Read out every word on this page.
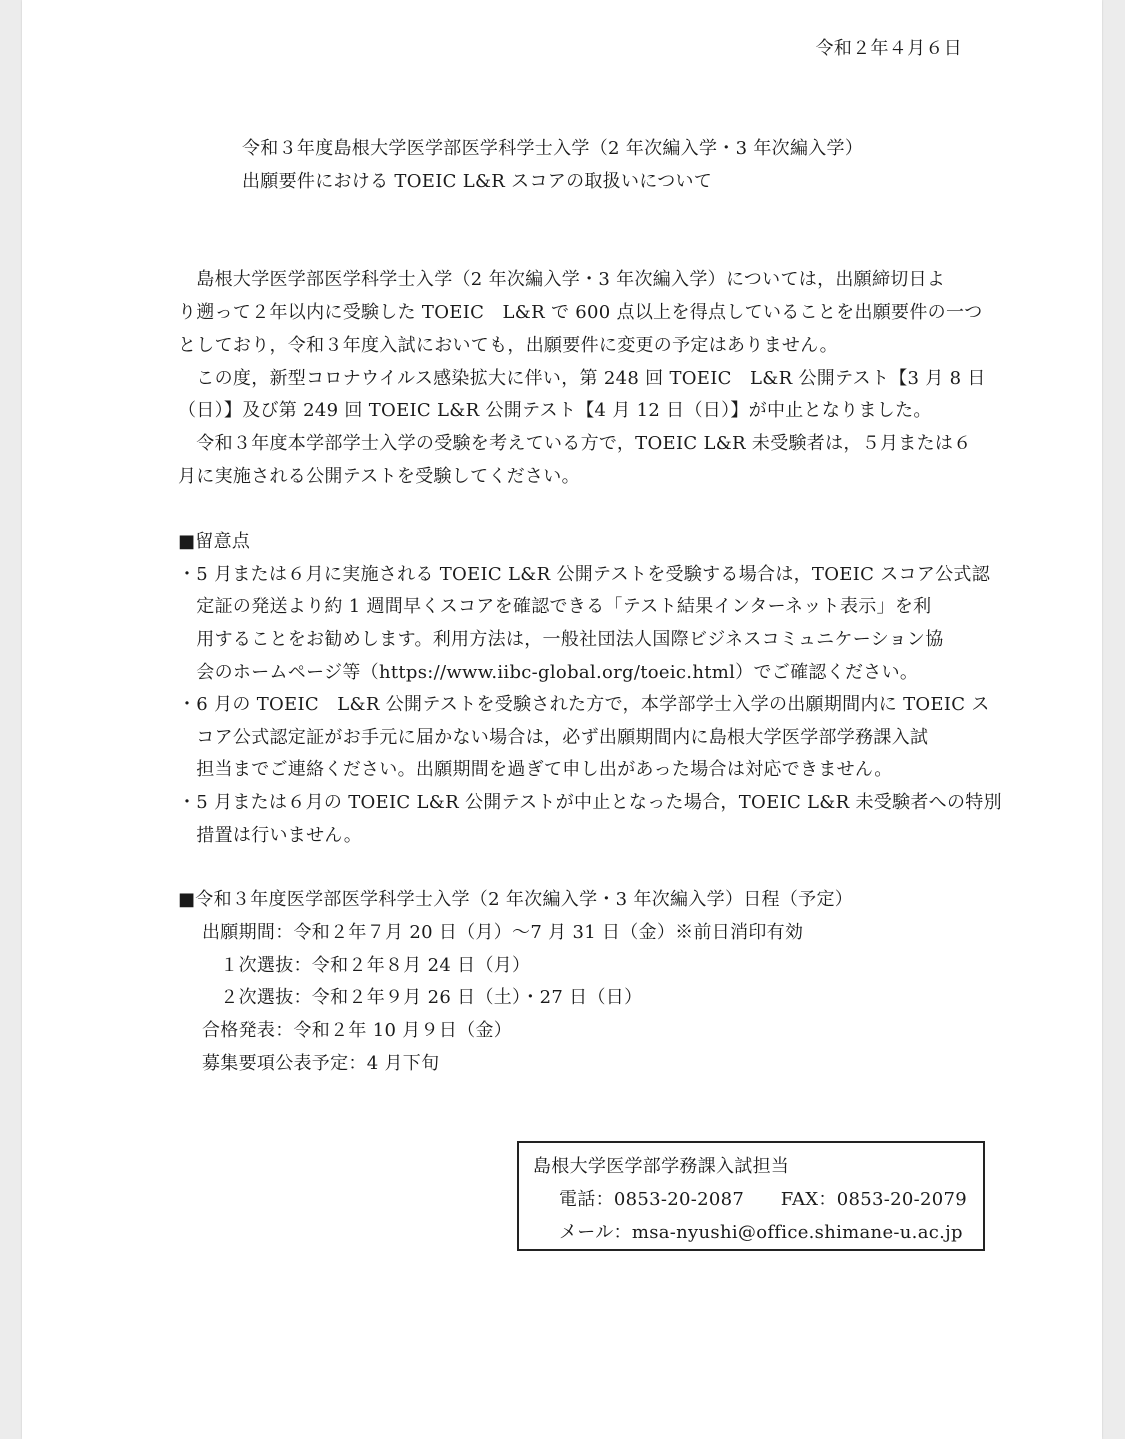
令和２年４月６日
令和３年度島根大学医学部医学科学士入学（2 年次編入学・3 年次編入学）
出願要件における TOEIC L&R スコアの取扱いについて
　島根大学医学部医学科学士入学（2 年次編入学・3 年次編入学）については，出願締切日よ
り遡って２年以内に受験した TOEIC　L&R で 600 点以上を得点していることを出願要件の一つ
としており，令和３年度入試においても，出願要件に変更の予定はありません。
　この度，新型コロナウイルス感染拡大に伴い，第 248 回 TOEIC　L&R 公開テスト【3 月 8 日
（日）】及び第 249 回 TOEIC L&R 公開テスト【4 月 12 日（日）】が中止となりました。
　令和３年度本学部学士入学の受験を考えている方で，TOEIC L&R 未受験者は，５月または６
月に実施される公開テストを受験してください。
■留意点
・5 月または６月に実施される TOEIC L&R 公開テストを受験する場合は，TOEIC スコア公式認
　定証の発送より約 1 週間早くスコアを確認できる「テスト結果インターネット表示」を利
　用することをお勧めします。利用方法は，一般社団法人国際ビジネスコミュニケーション協
　会のホームページ等（https://www.iibc-global.org/toeic.html）でご確認ください。
・6 月の TOEIC　L&R 公開テストを受験された方で，本学部学士入学の出願期間内に TOEIC ス
　コア公式認定証がお手元に届かない場合は，必ず出願期間内に島根大学医学部学務課入試
　担当までご連絡ください。出願期間を過ぎて申し出があった場合は対応できません。
・5 月または６月の TOEIC L&R 公開テストが中止となった場合，TOEIC L&R 未受験者への特別
　措置は行いません。
■令和３年度医学部医学科学士入学（2 年次編入学・3 年次編入学）日程（予定）
出願期間：令和２年７月 20 日（月）～7 月 31 日（金）※前日消印有効
　１次選抜：令和２年８月 24 日（月）
　２次選抜：令和２年９月 26 日（土）・27 日（日）
合格発表：令和２年 10 月９日（金）
募集要項公表予定：4 月下旬
島根大学医学部学務課入試担当
電話：0853-20-2087　　FAX：0853-20-2079
メール：msa-nyushi@office.shimane-u.ac.jp
